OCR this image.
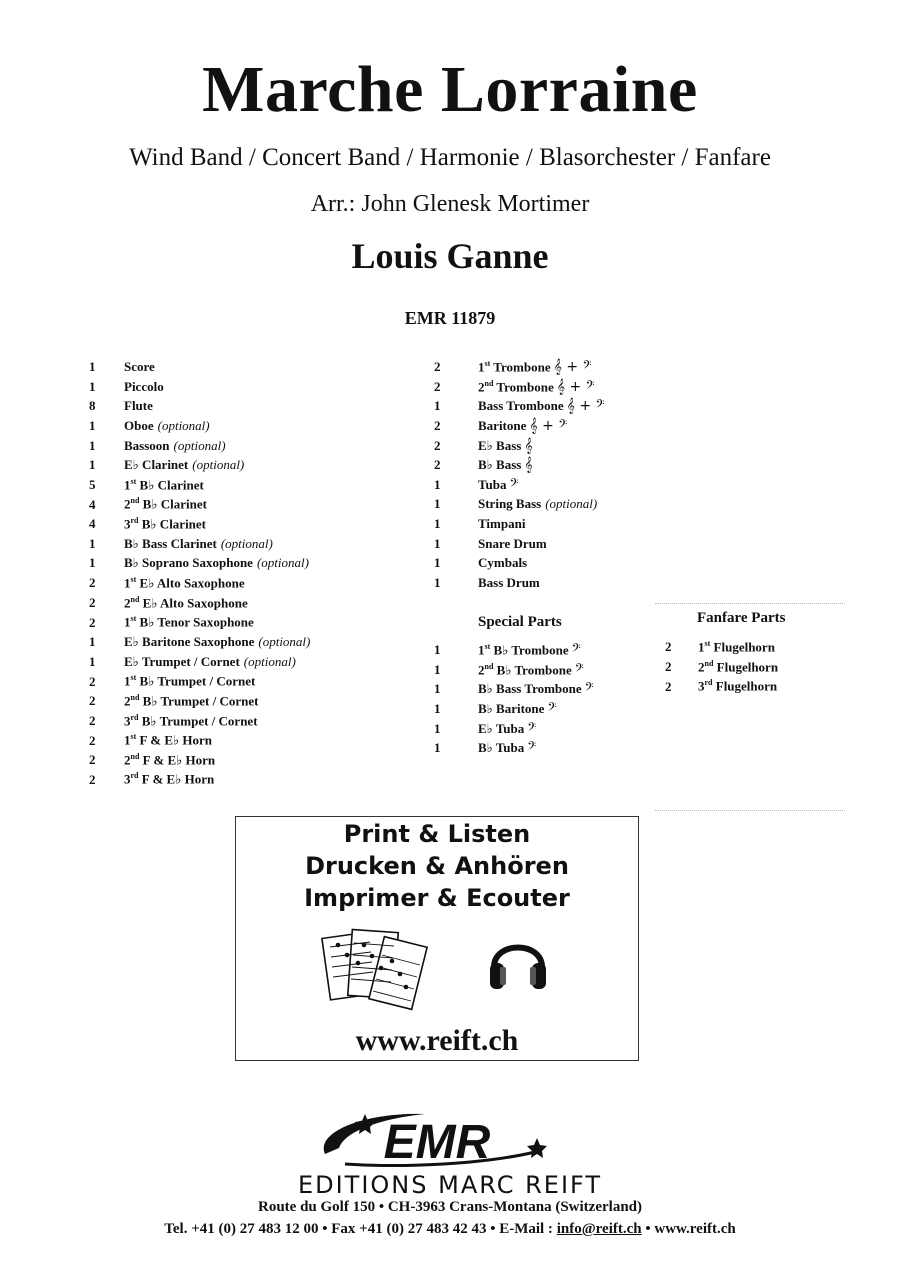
Marche Lorraine
Wind Band / Concert Band / Harmonie / Blasorchester / Fanfare
Arr.: John Glenesk Mortimer
Louis Ganne
EMR 11879
1	Score
1	Piccolo
8	Flute
1	Oboe (optional)
1	Bassoon (optional)
1	E♭ Clarinet (optional)
5	1st B♭ Clarinet
4	2nd B♭ Clarinet
4	3rd B♭ Clarinet
1	B♭ Bass Clarinet (optional)
1	B♭ Soprano Saxophone (optional)
2	1st E♭ Alto Saxophone
2	2nd E♭ Alto Saxophone
2	1st B♭ Tenor Saxophone
1	E♭ Baritone Saxophone (optional)
1	E♭ Trumpet / Cornet (optional)
2	1st B♭ Trumpet / Cornet
2	2nd B♭ Trumpet / Cornet
2	3rd B♭ Trumpet / Cornet
2	1st F & E♭ Horn
2	2nd F & E♭ Horn
2	3rd F & E♭ Horn
2	1st Trombone 𝄞 + 𝄢
2	2nd Trombone 𝄞 + 𝄢
1	Bass Trombone 𝄞 + 𝄢
2	Baritone 𝄞 + 𝄢
2	E♭ Bass 𝄞
2	B♭ Bass 𝄞
1	Tuba 𝄢
1	String Bass (optional)
1	Timpani
1	Snare Drum
1	Cymbals
1	Bass Drum
Special Parts
1	1st B♭ Trombone 𝄢
1	2nd B♭ Trombone 𝄢
1	B♭ Bass Trombone 𝄢
1	B♭ Baritone 𝄢
1	E♭ Tuba 𝄢
1	B♭ Tuba 𝄢
Fanfare Parts
2	1st Flugelhorn
2	2nd Flugelhorn
2	3rd Flugelhorn
Print & Listen
Drucken & Anhören
Imprimer & Ecouter
www.reift.ch
EMR
EDITIONS MARC REIFT
Route du Golf 150 • CH-3963 Crans-Montana (Switzerland)
Tel. +41 (0) 27 483 12 00 • Fax +41 (0) 27 483 42 43 • E-Mail : info@reift.ch • www.reift.ch
